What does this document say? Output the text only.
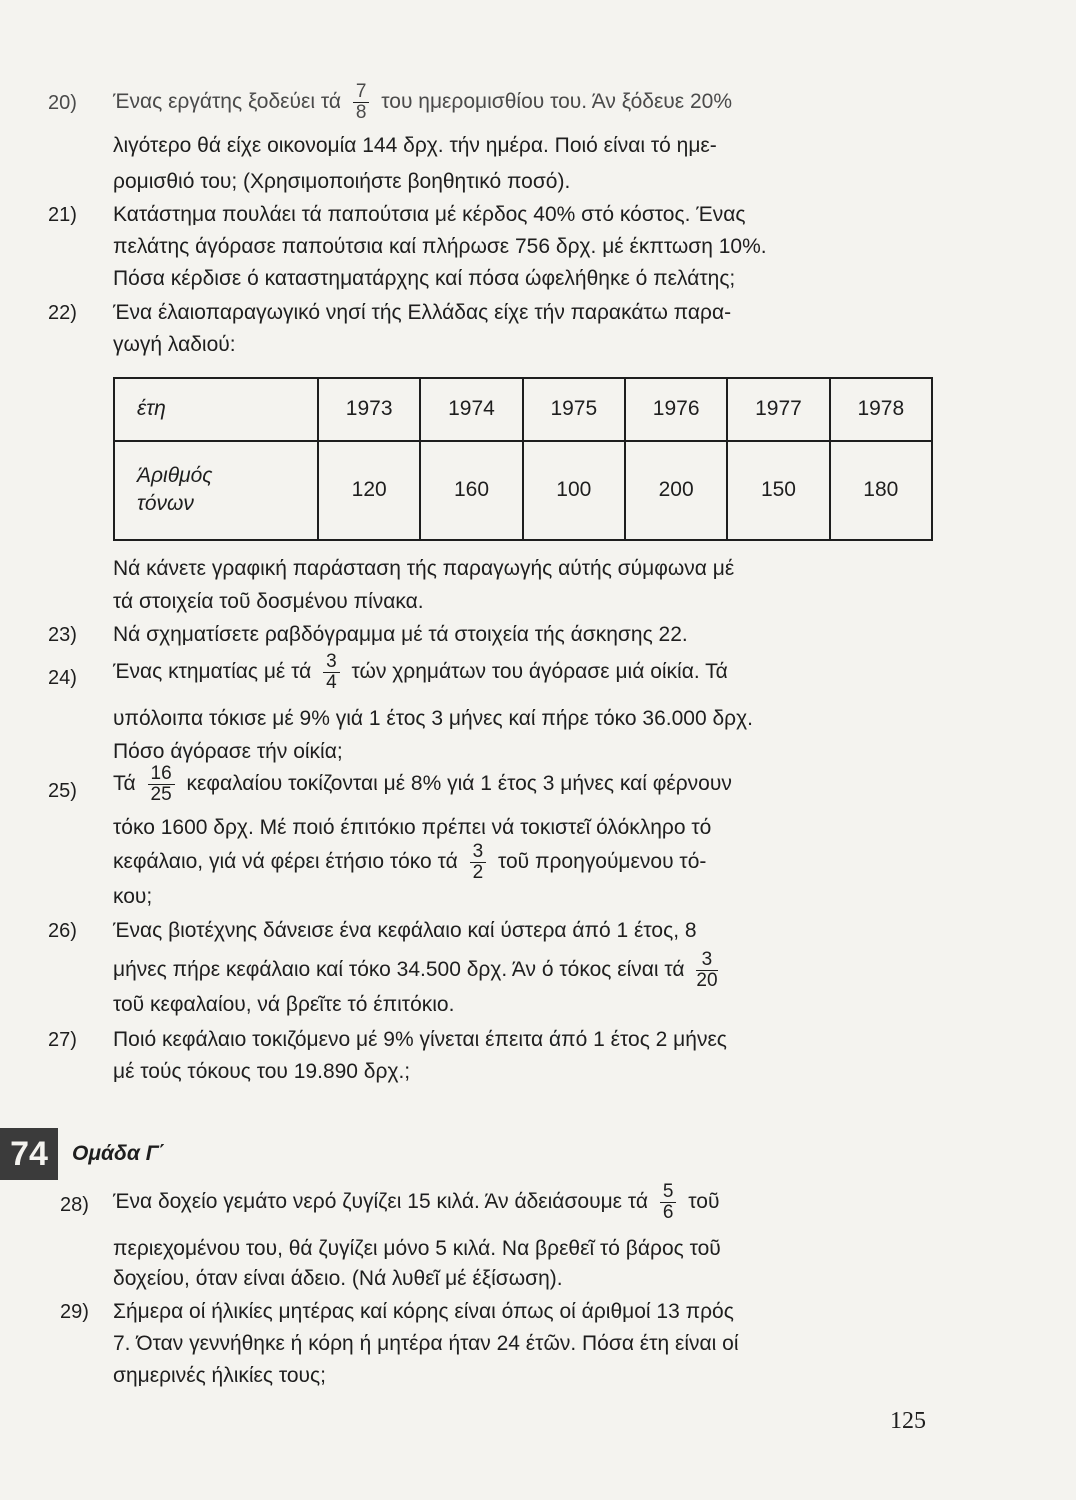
20) Ένας εργάτης ξοδεύει τά $\frac{7}{8}$ του ημερομισθίου του. Άν ξόδευε 20%
λιγότερο θά είχε οικονομία 144 δρχ. τήν ημέρα. Ποιό είναι τό ημε-
ρομισθιό του; (Χρησιμοποιήστε βοηθητικό ποσό).
21) Κατάστημα πουλάει τά παπούτσια μέ κέρδος 40% στό κόστος. Ένας
πελάτης άγόρασε παπούτσια καί πλήρωσε 756 δρχ. μέ έκπτωση 10%.
Πόσα κέρδισε ό καταστηματάρχης καί πόσα ώφελήθηκε ό πελάτης;
22) Ένα έλαιοπαραγωγικό νησί τής Ελλάδας είχε τήν παρακάτω παρα-
γωγή λαδιού:
έτη	1973	1974	1975	1976	1977	1978

Άριθμός
τόνων	120	160	100	200	150	180
Νά κάνετε γραφική παράσταση τής παραγωγής αύτής σύμφωνα μέ
τά στοιχεία τοῦ δοσμένου πίνακα.
23) Νά σχηματίσετε ραβδόγραμμα μέ τά στοιχεία τής άσκησης 22.
24) Ένας κτηματίας μέ τά $\frac{3}{4}$ τών χρημάτων του άγόρασε μιά οίκία. Τά
υπόλοιπα τόκισε μέ 9% γιά 1 έτος 3 μήνες καί πήρε τόκο 36.000 δρχ.
Πόσο άγόρασε τήν οίκία;
25) Τά $\frac{16}{25}$ κεφαλαίου τοκίζονται μέ 8% γιά 1 έτος 3 μήνες καί φέρνουν
τόκο 1600 δρχ. Μέ ποιό έπιτόκιο πρέπει νά τοκιστεῖ όλόκληρο τό
κεφάλαιο, γιά νά φέρει έτήσιο τόκο τά $\frac{3}{2}$ τοῦ προηγούμενου τό-
κου;
26) Ένας βιοτέχνης δάνεισε ένα κεφάλαιο καί ύστερα άπό 1 έτος, 8
μήνες πήρε κεφάλαιο καί τόκο 34.500 δρχ. Άν ό τόκος είναι τά $\frac{3}{20}$
τοῦ κεφαλαίου, νά βρεῖτε τό έπιτόκιο.
27) Ποιό κεφάλαιο τοκιζόμενο μέ 9% γίνεται έπειτα άπό 1 έτος 2 μήνες
μέ τούς τόκους του 19.890 δρχ.;
74	Ομάδα Γ΄
28) Ένα δοχείο γεμάτο νερό ζυγίζει 15 κιλά. Άν άδειάσουμε τά $\frac{5}{6}$ τοῦ
περιεχομένου του, θά ζυγίζει μόνο 5 κιλά. Να βρεθεῖ τό βάρος τοῦ
δοχείου, όταν είναι άδειο. (Νά λυθεῖ μέ έξίσωση).
29) Σήμερα οί ήλικίες μητέρας καί κόρης είναι όπως οί άριθμοί 13 πρός
7. Όταν γεννήθηκε ή κόρη ή μητέρα ήταν 24 έτῶν. Πόσα έτη είναι οί
σημερινές ήλικίες τους;
125
